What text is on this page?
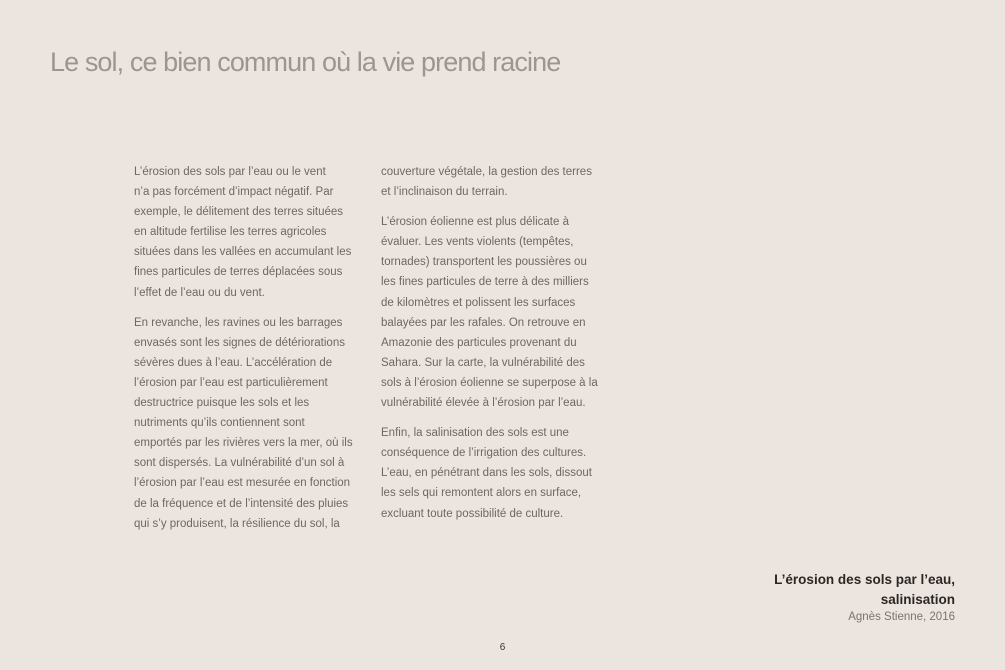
Le sol, ce bien commun où la vie prend racine

L’érosion des sols par l’eau ou le vent
n’a pas forcément d’impact négatif. Par
exemple, le délitement des terres situées
en altitude fertilise les terres agricoles
situées dans les vallées en accumulant les
fines particules de terres déplacées sous
l’effet de l’eau ou du vent.

En revanche, les ravines ou les barrages
envasés sont les signes de détériorations
sévères dues à l’eau. L’accélération de
l’érosion par l’eau est particulièrement
destructrice puisque les sols et les
nutriments qu’ils contiennent sont
emportés par les rivières vers la mer, où ils
sont dispersés. La vulnérabilité d’un sol à
l’érosion par l’eau est mesurée en fonction
de la fréquence et de l’intensité des pluies
qui s’y produisent, la résilience du sol, la

couverture végétale, la gestion des terres
et l’inclinaison du terrain.

L’érosion éolienne est plus délicate à
évaluer. Les vents violents (tempêtes,
tornades) transportent les poussières ou
les fines particules de terre à des milliers
de kilomètres et polissent les surfaces
balayées par les rafales. On retrouve en
Amazonie des particules provenant du
Sahara. Sur la carte, la vulnérabilité des
sols à l’érosion éolienne se superpose à la
vulnérabilité élevée à l’érosion par l’eau.

Enfin, la salinisation des sols est une
conséquence de l’irrigation des cultures.
L’eau, en pénétrant dans les sols, dissout
les sels qui remontent alors en surface,
excluant toute possibilité de culture.

L’érosion des sols par l’eau,
salinisation
Agnès Stienne, 2016
6
